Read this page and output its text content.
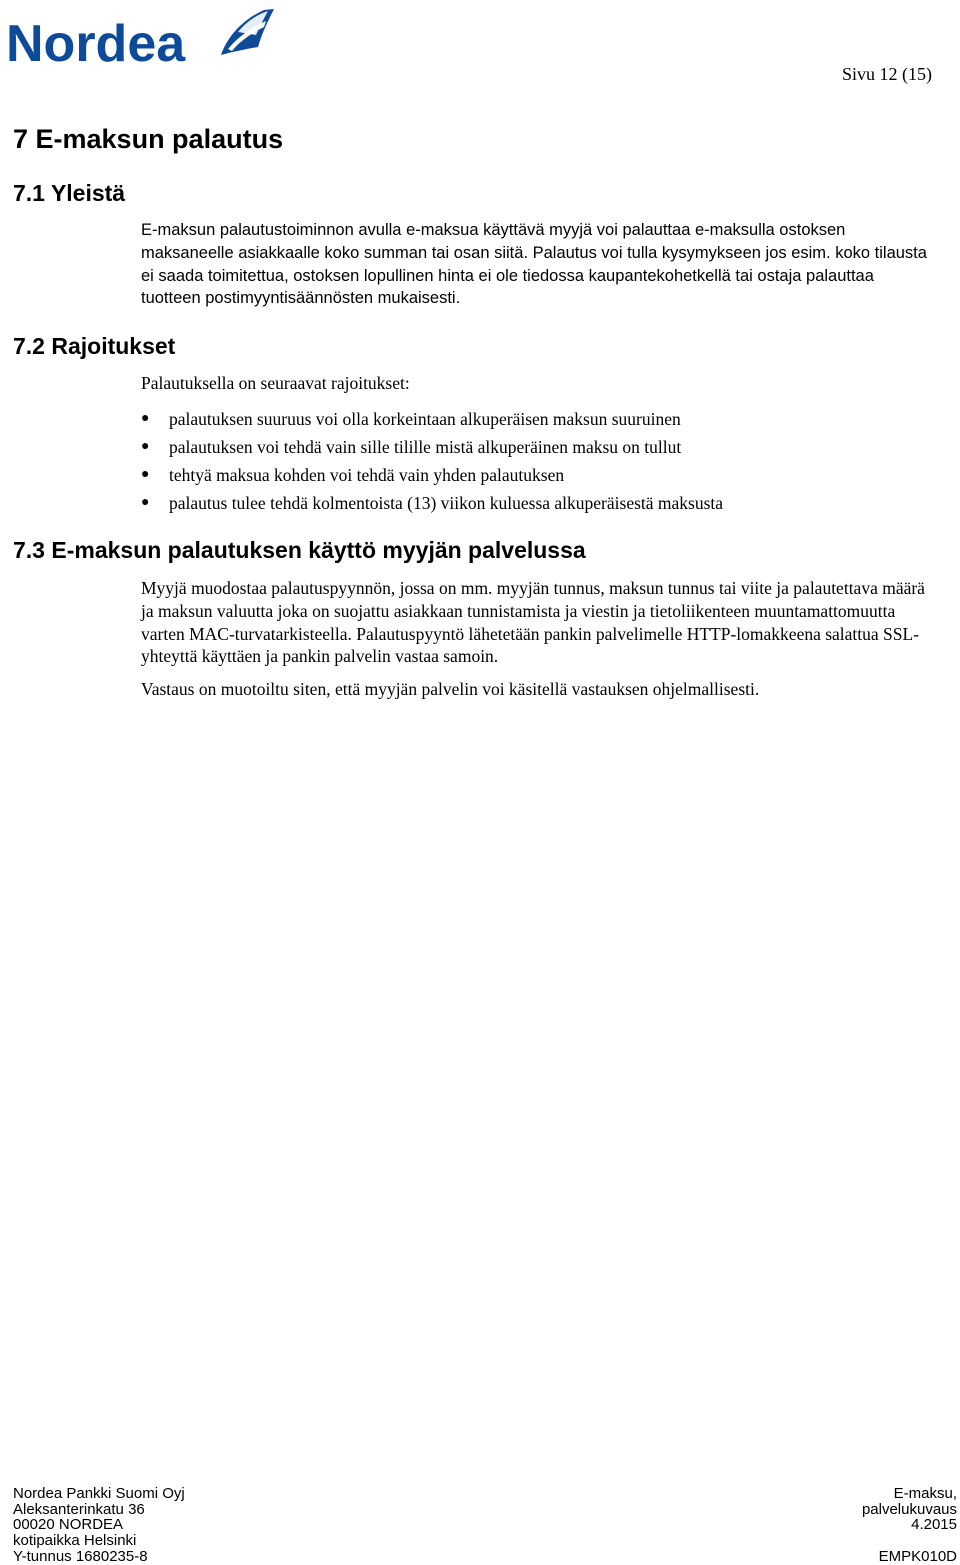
Nordea
Sivu 12 (15)
7 E-maksun palautus
7.1 Yleistä

E-maksun palautustoiminnon avulla e-maksua käyttävä myyjä voi palauttaa e-maksulla ostoksen maksaneelle asiakkaalle koko summan tai osan siitä. Palautus voi tulla kysymykseen jos esim. koko tilausta ei saada toimitettua, ostoksen lopullinen hinta ei ole tiedossa kaupantekohetkellä tai ostaja palauttaa tuotteen postimyyntisäännösten mukaisesti.

7.2 Rajoitukset

Palautuksella on seuraavat rajoitukset:

● palautuksen suuruus voi olla korkeintaan alkuperäisen maksun suuruinen
● palautuksen voi tehdä vain sille tilille mistä alkuperäinen maksu on tullut
● tehtyä maksua kohden voi tehdä vain yhden palautuksen
● palautus tulee tehdä kolmentoista (13) viikon kuluessa alkuperäisestä maksusta
7.3 E-maksun palautuksen käyttö myyjän palvelussa

Myyjä muodostaa palautuspyynnön, jossa on mm. myyjän tunnus, maksun tunnus tai viite ja palautettava määrä ja maksun valuutta joka on suojattu asiakkaan tunnistamista ja viestin ja tietoliikenteen muuntamattomuutta varten MAC-turvatarkisteella. Palautuspyyntö lähetetään pankin palvelimelle HTTP-lomakkeena salattua SSL-yhteyttä käyttäen ja pankin palvelin vastaa samoin.

Vastaus on muotoiltu siten, että myyjän palvelin voi käsitellä vastauksen ohjelmallisesti.

Nordea Pankki Suomi Oyj
Aleksanterinkatu 36
00020 NORDEA
kotipaikka Helsinki
Y-tunnus 1680235-8
E-maksu,
palvelukuvaus
4.2015
EMPK010D
